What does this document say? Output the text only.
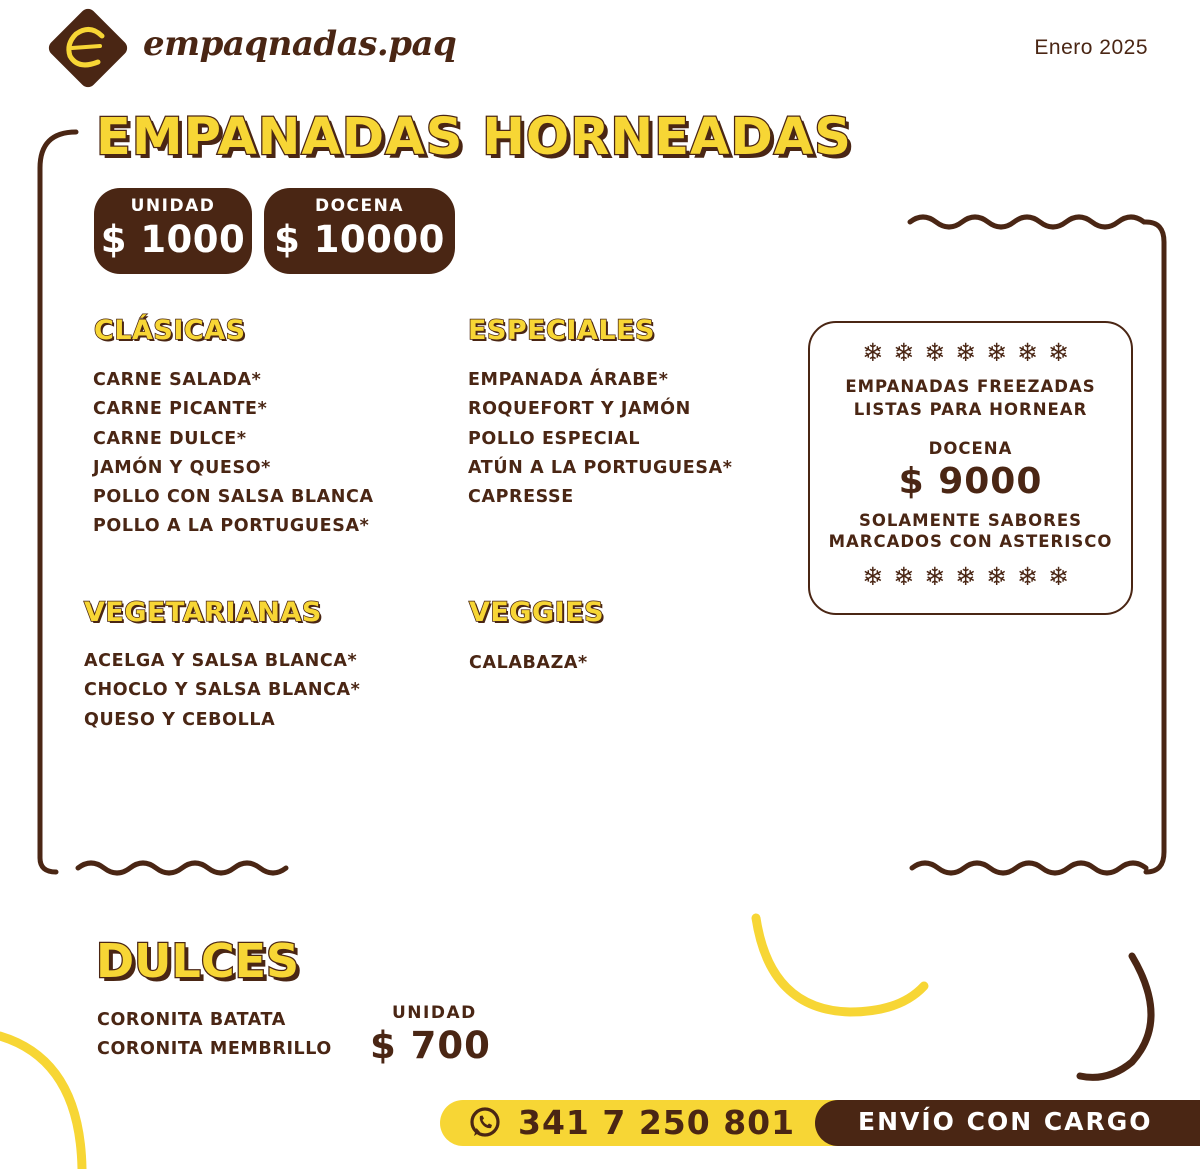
empaqnadas.paq	Enero 2025
EMPANADAS HORNEADAS
UNIDAD
$ 1000
DOCENA
$ 10000
CLÁSICAS
CARNE SALADA*
CARNE PICANTE*
CARNE DULCE*
JAMÓN Y QUESO*
POLLO CON SALSA BLANCA
POLLO A LA PORTUGUESA*
ESPECIALES
EMPANADA ÁRABE*
ROQUEFORT Y JAMÓN
POLLO ESPECIAL
ATÚN A LA PORTUGUESA*
CAPRESSE
VEGETARIANAS
ACELGA Y SALSA BLANCA*
CHOCLO Y SALSA BLANCA*
QUESO Y CEBOLLA
VEGGIES
CALABAZA*
❄❄❄❄❄❄❄
EMPANADAS FREEZADAS
LISTAS PARA HORNEAR
DOCENA
$ 9000
SOLAMENTE SABORES
MARCADOS CON ASTERISCO
❄❄❄❄❄❄❄
DULCES
CORONITA BATATA
CORONITA MEMBRILLO
UNIDAD
$ 700
341 7 250 801	ENVÍO CON CARGO
